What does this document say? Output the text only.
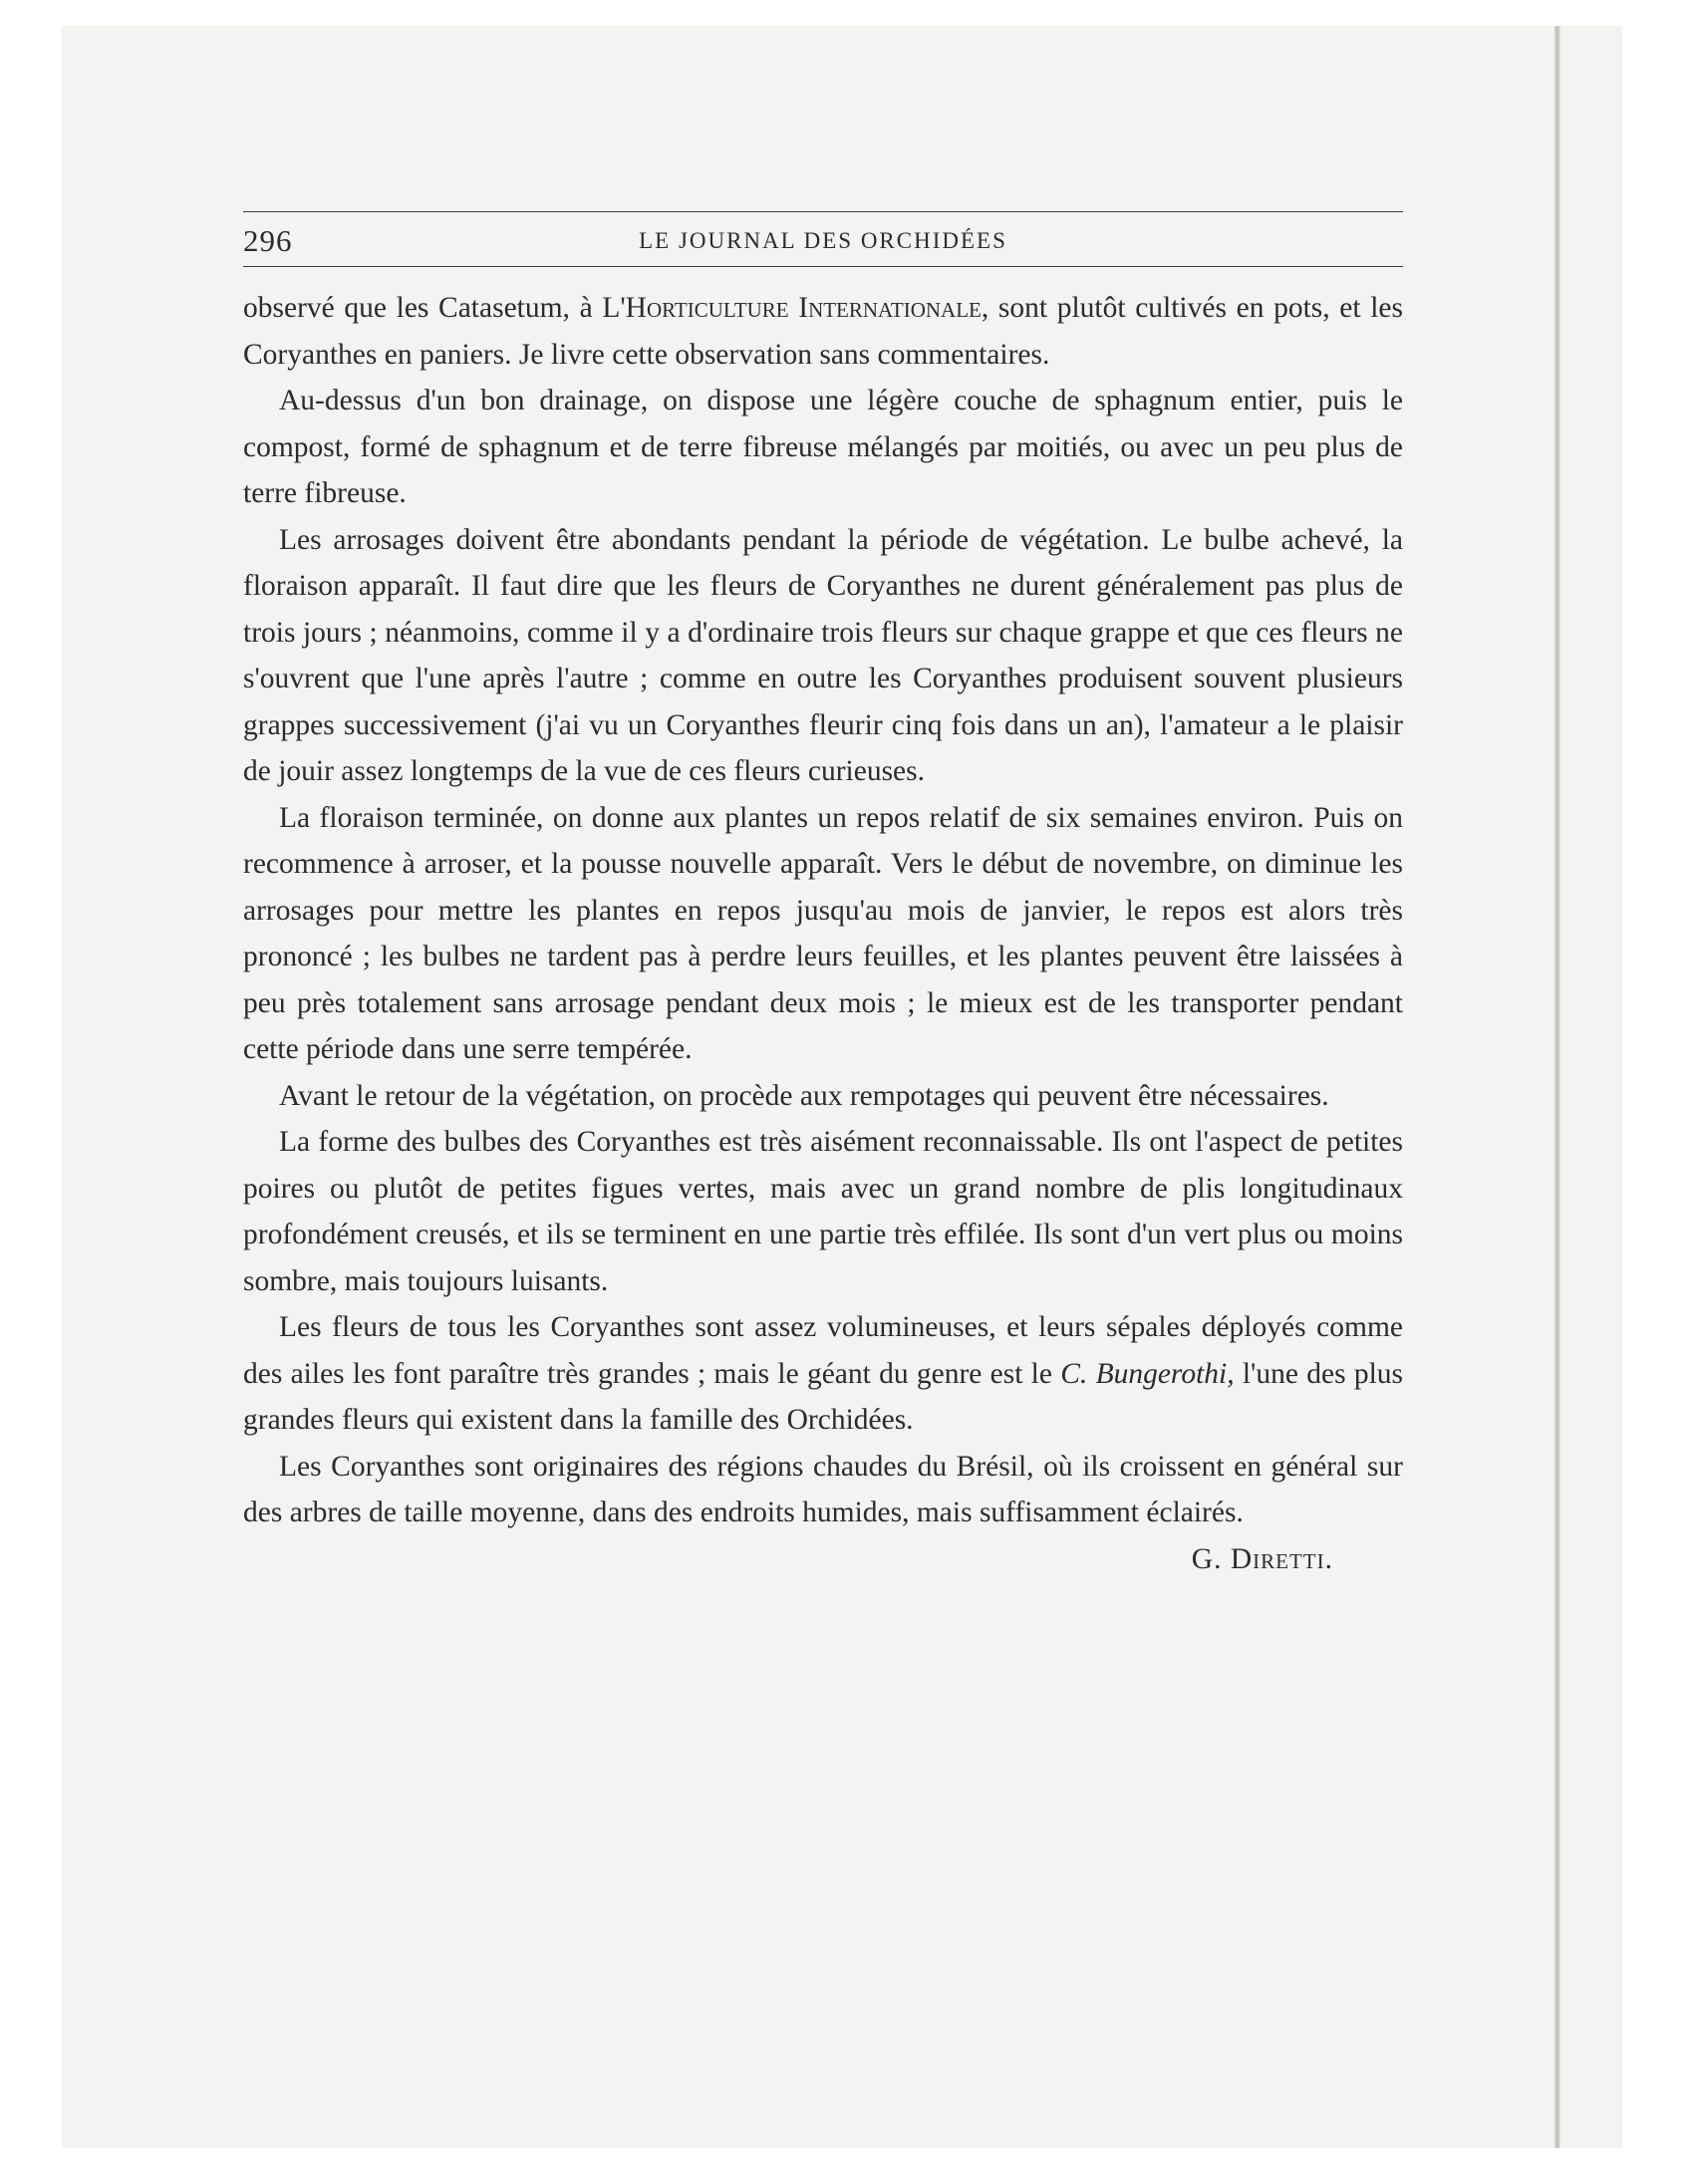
296	LE JOURNAL DES ORCHIDÉES

observé que les Catasetum, à L'Horticulture Internationale, sont plutôt cultivés en pots, et les Coryanthes en paniers. Je livre cette observation sans commentaires.

Au-dessus d'un bon drainage, on dispose une légère couche de sphagnum entier, puis le compost, formé de sphagnum et de terre fibreuse mélangés par moitiés, ou avec un peu plus de terre fibreuse.

Les arrosages doivent être abondants pendant la période de végétation. Le bulbe achevé, la floraison apparaît. Il faut dire que les fleurs de Coryanthes ne durent généralement pas plus de trois jours ; néanmoins, comme il y a d'ordinaire trois fleurs sur chaque grappe et que ces fleurs ne s'ouvrent que l'une après l'autre ; comme en outre les Coryanthes produisent souvent plusieurs grappes successivement (j'ai vu un Coryanthes fleurir cinq fois dans un an), l'amateur a le plaisir de jouir assez longtemps de la vue de ces fleurs curieuses.

La floraison terminée, on donne aux plantes un repos relatif de six semaines environ. Puis on recommence à arroser, et la pousse nouvelle apparaît. Vers le début de novembre, on diminue les arrosages pour mettre les plantes en repos jusqu'au mois de janvier, le repos est alors très prononcé ; les bulbes ne tardent pas à perdre leurs feuilles, et les plantes peuvent être laissées à peu près totalement sans arrosage pendant deux mois ; le mieux est de les transporter pendant cette période dans une serre tempérée.

Avant le retour de la végétation, on procède aux rempotages qui peuvent être nécessaires.

La forme des bulbes des Coryanthes est très aisément reconnaissable. Ils ont l'aspect de petites poires ou plutôt de petites figues vertes, mais avec un grand nombre de plis longitudinaux profondément creusés, et ils se terminent en une partie très effilée. Ils sont d'un vert plus ou moins sombre, mais toujours luisants.

Les fleurs de tous les Coryanthes sont assez volumineuses, et leurs sépales déployés comme des ailes les font paraître très grandes ; mais le géant du genre est le C. Bungerothi, l'une des plus grandes fleurs qui existent dans la famille des Orchidées.

Les Coryanthes sont originaires des régions chaudes du Brésil, où ils croissent en général sur des arbres de taille moyenne, dans des endroits humides, mais suffisamment éclairés.

G. Diretti.
